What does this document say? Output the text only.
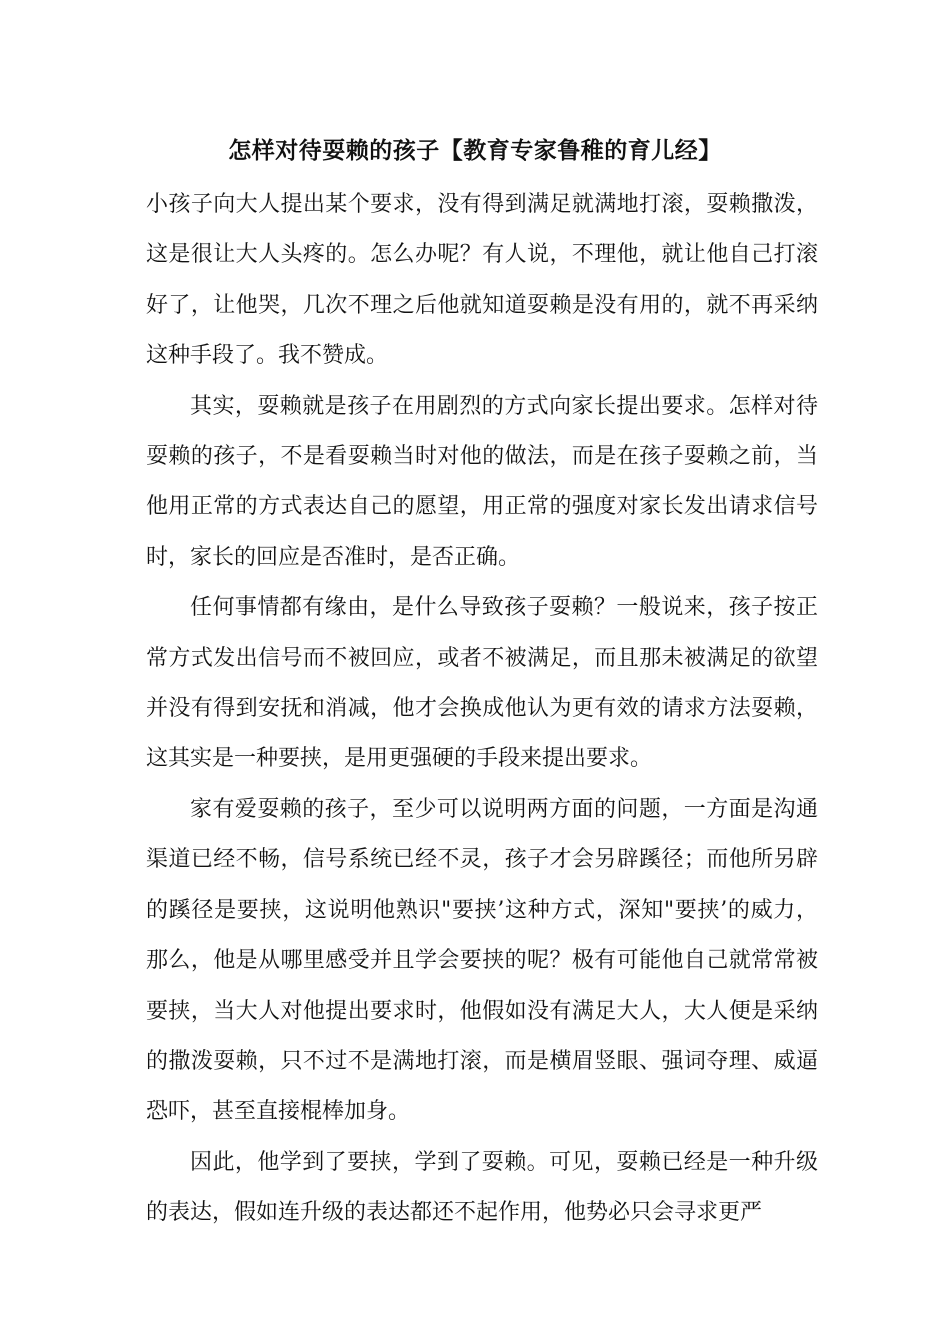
怎样对待耍赖的孩子【教育专家鲁稚的育儿经】

小孩子向大人提出某个要求，没有得到满足就满地打滚，耍赖撒泼，这是很让大人头疼的。怎么办呢？有人说，不理他，就让他自己打滚好了，让他哭，几次不理之后他就知道耍赖是没有用的，就不再采纳这种手段了。我不赞成。

其实，耍赖就是孩子在用剧烈的方式向家长提出要求。怎样对待耍赖的孩子，不是看耍赖当时对他的做法，而是在孩子耍赖之前，当他用正常的方式表达自己的愿望，用正常的强度对家长发出请求信号时，家长的回应是否准时，是否正确。

任何事情都有缘由，是什么导致孩子耍赖？一般说来，孩子按正常方式发出信号而不被回应，或者不被满足，而且那未被满足的欲望并没有得到安抚和消减，他才会换成他认为更有效的请求方法耍赖，这其实是一种要挟，是用更强硬的手段来提出要求。

家有爱耍赖的孩子，至少可以说明两方面的问题，一方面是沟通渠道已经不畅，信号系统已经不灵，孩子才会另辟蹊径；而他所另辟的蹊径是要挟，这说明他熟识"要挟’这种方式，深知"要挟’的威力，那么，他是从哪里感受并且学会要挟的呢？极有可能他自己就常常被要挟，当大人对他提出要求时，他假如没有满足大人，大人便是采纳的撒泼耍赖，只不过不是满地打滚，而是横眉竖眼、强词夺理、威逼恐吓，甚至直接棍棒加身。

因此，他学到了要挟，学到了耍赖。可见，耍赖已经是一种升级的表达，假如连升级的表达都还不起作用，他势必只会寻求更严
